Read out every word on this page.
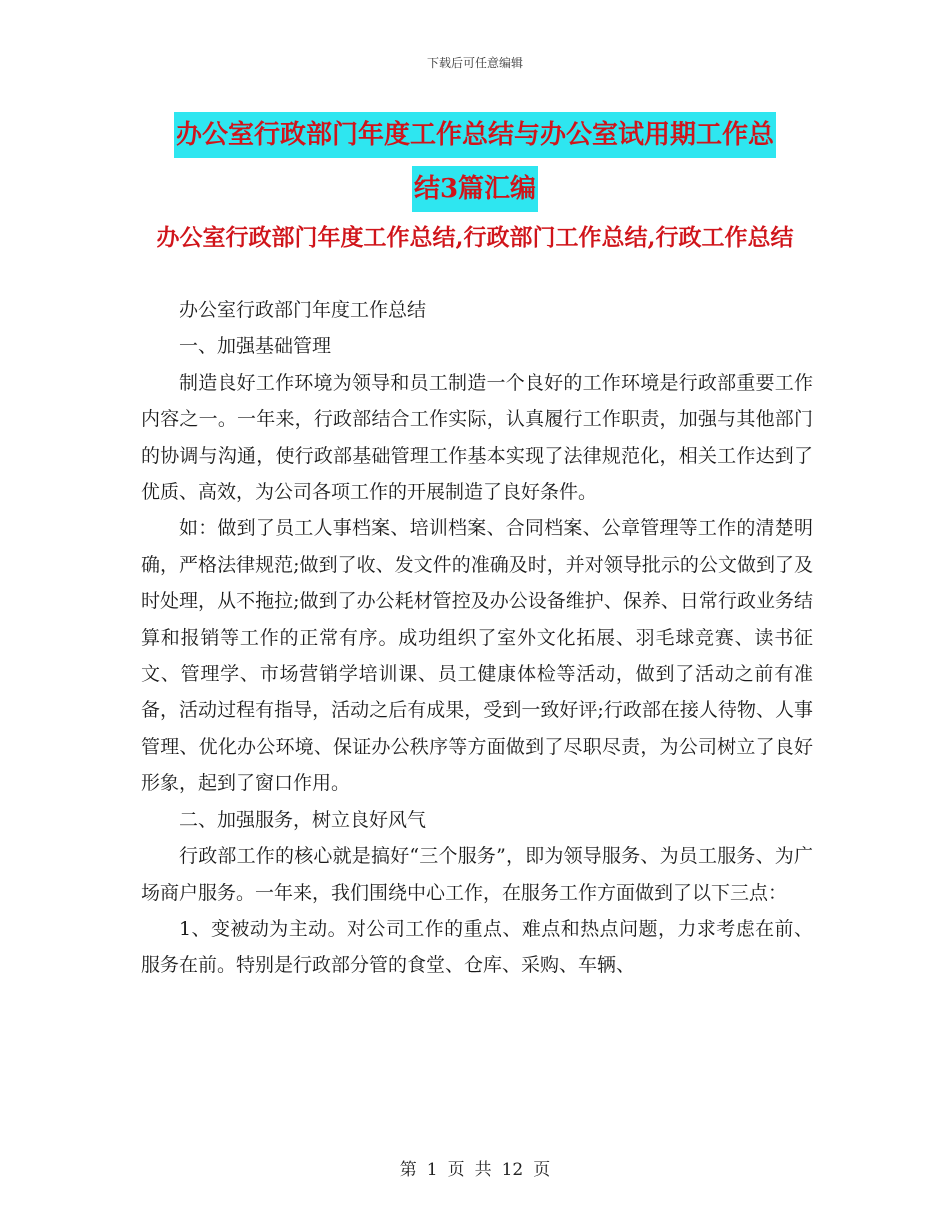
下载后可任意编辑
办公室行政部门年度工作总结与办公室试用期工作总
结3篇汇编
办公室行政部门年度工作总结,行政部门工作总结,行政工作总结

办公室行政部门年度工作总结

一、加强基础管理

制造良好工作环境为领导和员工制造一个良好的工作环境是行政部重要工作内容之一。一年来，行政部结合工作实际，认真履行工作职责，加强与其他部门的协调与沟通，使行政部基础管理工作基本实现了法律规范化，相关工作达到了优质、高效，为公司各项工作的开展制造了良好条件。

如：做到了员工人事档案、培训档案、合同档案、公章管理等工作的清楚明确，严格法律规范;做到了收、发文件的准确及时，并对领导批示的公文做到了及时处理，从不拖拉;做到了办公耗材管控及办公设备维护、保养、日常行政业务结算和报销等工作的正常有序。成功组织了室外文化拓展、羽毛球竞赛、读书征文、管理学、市场营销学培训课、员工健康体检等活动，做到了活动之前有准备，活动过程有指导，活动之后有成果，受到一致好评;行政部在接人待物、人事管理、优化办公环境、保证办公秩序等方面做到了尽职尽责，为公司树立了良好形象，起到了窗口作用。

二、加强服务，树立良好风气

行政部工作的核心就是搞好“三个服务”，即为领导服务、为员工服务、为广场商户服务。一年来，我们围绕中心工作，在服务工作方面做到了以下三点：

1、变被动为主动。对公司工作的重点、难点和热点问题，力求考虑在前、服务在前。特别是行政部分管的食堂、仓库、采购、车辆、

第 1 页 共 12 页
